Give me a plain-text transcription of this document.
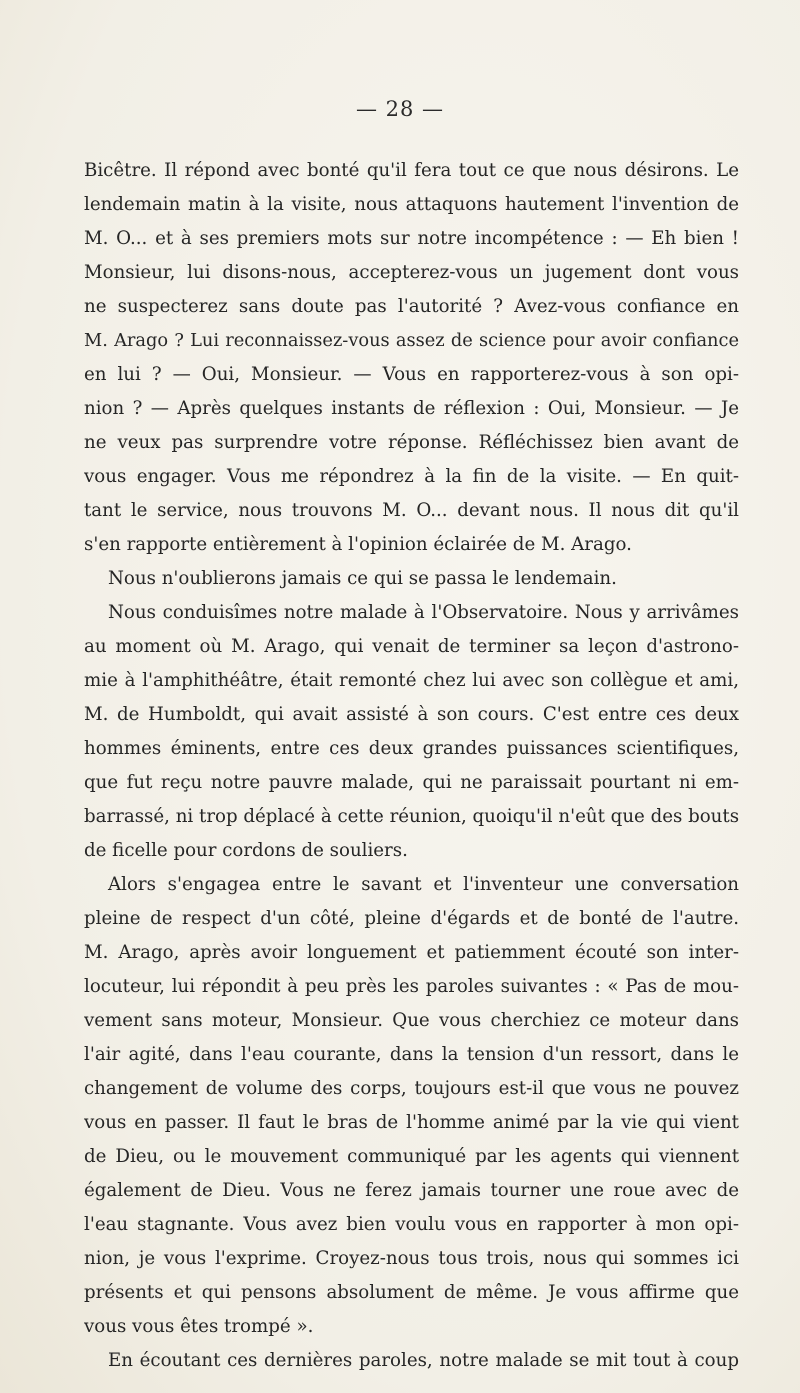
— 28 —
Bicêtre. Il répond avec bonté qu'il fera tout ce que nous désirons. Le
lendemain matin à la visite, nous attaquons hautement l'invention de
M. O... et à ses premiers mots sur notre incompétence : — Eh bien !
Monsieur, lui disons-nous, accepterez-vous un jugement dont vous
ne suspecterez sans doute pas l'autorité ? Avez-vous confiance en
M. Arago ? Lui reconnaissez-vous assez de science pour avoir confiance
en lui ? — Oui, Monsieur. — Vous en rapporterez-vous à son opi-
nion ? — Après quelques instants de réflexion : Oui, Monsieur. — Je
ne veux pas surprendre votre réponse. Réfléchissez bien avant de
vous engager. Vous me répondrez à la fin de la visite. — En quit-
tant le service, nous trouvons M. O... devant nous. Il nous dit qu'il
s'en rapporte entièrement à l'opinion éclairée de M. Arago.
Nous n'oublierons jamais ce qui se passa le lendemain.
Nous conduisîmes notre malade à l'Observatoire. Nous y arrivâmes
au moment où M. Arago, qui venait de terminer sa leçon d'astrono-
mie à l'amphithéâtre, était remonté chez lui avec son collègue et ami,
M. de Humboldt, qui avait assisté à son cours. C'est entre ces deux
hommes éminents, entre ces deux grandes puissances scientifiques,
que fut reçu notre pauvre malade, qui ne paraissait pourtant ni em-
barrassé, ni trop déplacé à cette réunion, quoiqu'il n'eût que des bouts
de ficelle pour cordons de souliers.
Alors s'engagea entre le savant et l'inventeur une conversation
pleine de respect d'un côté, pleine d'égards et de bonté de l'autre.
M. Arago, après avoir longuement et patiemment écouté son inter-
locuteur, lui répondit à peu près les paroles suivantes : « Pas de mou-
vement sans moteur, Monsieur. Que vous cherchiez ce moteur dans
l'air agité, dans l'eau courante, dans la tension d'un ressort, dans le
changement de volume des corps, toujours est-il que vous ne pouvez
vous en passer. Il faut le bras de l'homme animé par la vie qui vient
de Dieu, ou le mouvement communiqué par les agents qui viennent
également de Dieu. Vous ne ferez jamais tourner une roue avec de
l'eau stagnante. Vous avez bien voulu vous en rapporter à mon opi-
nion, je vous l'exprime. Croyez-nous tous trois, nous qui sommes ici
présents et qui pensons absolument de même. Je vous affirme que
vous vous êtes trompé ».
En écoutant ces dernières paroles, notre malade se mit tout à coup
